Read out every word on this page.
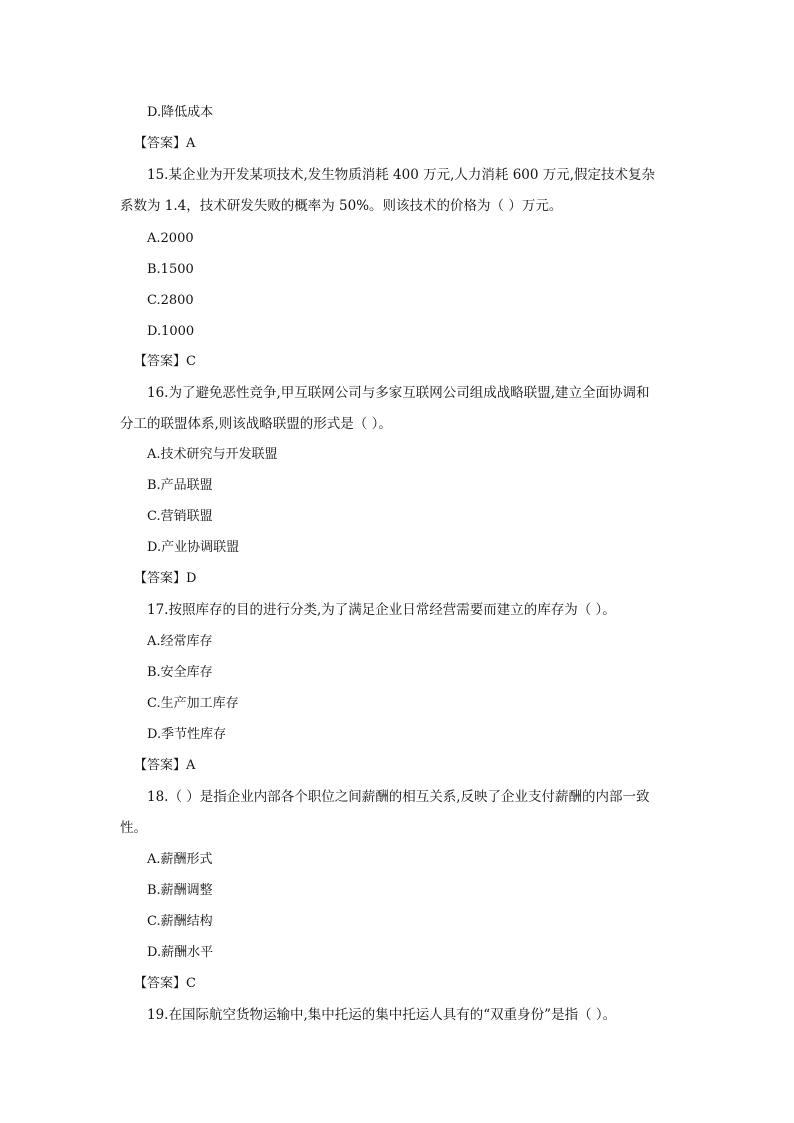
D.降低成本
【答案】A
15.某企业为开发某项技术,发生物质消耗 400 万元,人力消耗 600 万元,假定技术复杂
系数为 1.4，技术研发失败的概率为 50%。则该技术的价格为（ ）万元。
A.2000
B.1500
C.2800
D.1000
【答案】C
16.为了避免恶性竞争,甲互联网公司与多家互联网公司组成战略联盟,建立全面协调和
分工的联盟体系,则该战略联盟的形式是（ ）。
A.技术研究与开发联盟
B.产品联盟
C.营销联盟
D.产业协调联盟
【答案】D
17.按照库存的目的进行分类,为了满足企业日常经营需要而建立的库存为（ ）。
A.经常库存
B.安全库存
C.生产加工库存
D.季节性库存
【答案】A
18.（ ）是指企业内部各个职位之间薪酬的相互关系,反映了企业支付薪酬的内部一致
性。
A.薪酬形式
B.薪酬调整
C.薪酬结构
D.薪酬水平
【答案】C
19.在国际航空货物运输中,集中托运的集中托运人具有的“双重身份”是指（ ）。
